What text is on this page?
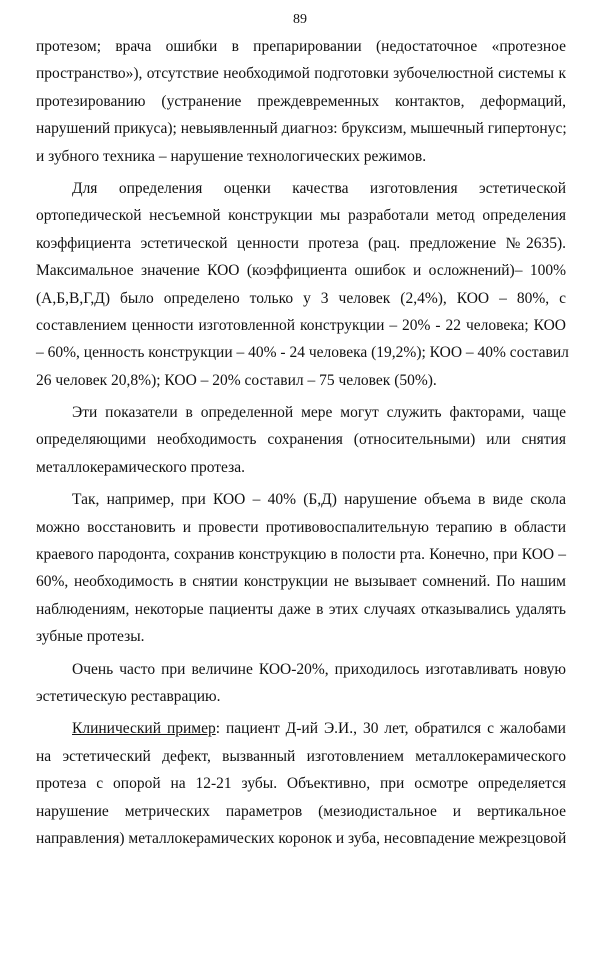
89
протезом; врача ошибки в препарировании (недостаточное «протезное
пространство»), отсутствие необходимой подготовки зубочелюстной системы к
протезированию (устранение преждевременных контактов, деформаций,
нарушений прикуса); невыявленный диагноз: бруксизм, мышечный гипертонус;
и зубного техника – нарушение технологических режимов.
Для определения оценки качества изготовления эстетической
ортопедической несъемной конструкции мы разработали метод определения
коэффициента эстетической ценности протеза (рац. предложение №2635).
Максимальное значение КОО (коэффициента ошибок и осложнений)– 100%
(А,Б,В,Г,Д) было определено только у 3 человек (2,4%), КОО – 80%, с
составлением ценности изготовленной конструкции – 20% - 22 человека; КОО
– 60%, ценность конструкции – 40% - 24 человека (19,2%); КОО – 40% составил
26 человек 20,8%); КОО – 20% составил – 75 человек (50%).
Эти показатели в определенной мере могут служить факторами, чаще
определяющими необходимость сохранения (относительными) или снятия
металлокерамического протеза.
Так, например, при КОО – 40% (Б,Д) нарушение объема в виде скола
можно восстановить и провести противовоспалительную терапию в области
краевого пародонта, сохранив конструкцию в полости рта. Конечно, при КОО –
60%, необходимость в снятии конструкции не вызывает сомнений. По нашим
наблюдениям, некоторые пациенты даже в этих случаях отказывались удалять
зубные протезы.
Очень часто при величине КОО-20%, приходилось изготавливать новую
эстетическую реставрацию.
Клинический пример: пациент Д-ий Э.И., 30 лет, обратился с жалобами
на эстетический дефект, вызванный изготовлением металлокерамического
протеза с опорой на 12-21 зубы. Объективно, при осмотре определяется
нарушение метрических параметров (мезиодистальное и вертикальное
направления) металлокерамических коронок и зуба, несовпадение межрезцовой
